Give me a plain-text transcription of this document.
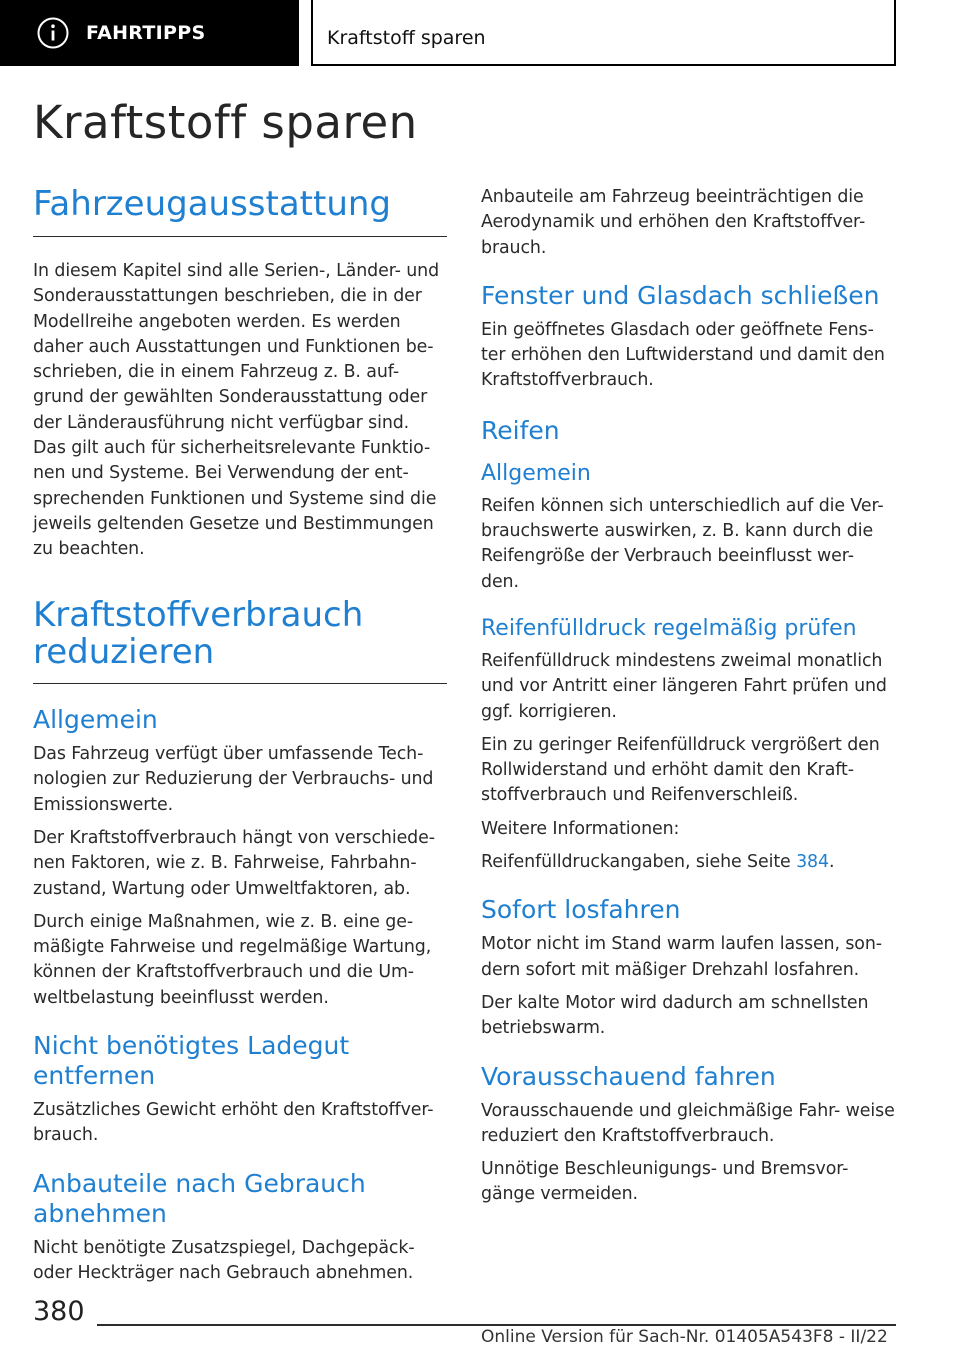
FAHRTIPPS	Kraftstoff sparen
Kraftstoff sparen
Fahrzeugausstattung

In diesem Kapitel sind alle Serien-, Länder- und Sonderausstattungen beschrieben, die in der Modellreihe angeboten werden. Es werden daher auch Ausstattungen und Funktionen be- schrieben, die in einem Fahrzeug z. B. auf- grund der gewählten Sonderausstattung oder der Länderausführung nicht verfügbar sind. Das gilt auch für sicherheitsrelevante Funktio- nen und Systeme. Bei Verwendung der ent- sprechenden Funktionen und Systeme sind die jeweils geltenden Gesetze und Bestimmungen zu beachten.

Kraftstoffverbrauch reduzieren
Allgemein

Das Fahrzeug verfügt über umfassende Tech- nologien zur Reduzierung der Verbrauchs- und Emissionswerte.

Der Kraftstoffverbrauch hängt von verschiede- nen Faktoren, wie z. B. Fahrweise, Fahrbahn- zustand, Wartung oder Umweltfaktoren, ab.

Durch einige Maßnahmen, wie z. B. eine ge- mäßigte Fahrweise und regelmäßige Wartung, können der Kraftstoffverbrauch und die Um- weltbelastung beeinflusst werden.

Nicht benötigtes Ladegut entfernen

Zusätzliches Gewicht erhöht den Kraftstoffver- brauch.

Anbauteile nach Gebrauch abnehmen

Nicht benötigte Zusatzspiegel, Dachgepäck- oder Heckträger nach Gebrauch abnehmen.

Anbauteile am Fahrzeug beeinträchtigen die Aerodynamik und erhöhen den Kraftstoffver- brauch.

Fenster und Glasdach schließen

Ein geöffnetes Glasdach oder geöffnete Fens- ter erhöhen den Luftwiderstand und damit den Kraftstoffverbrauch.

Reifen
Allgemein

Reifen können sich unterschiedlich auf die Ver- brauchswerte auswirken, z. B. kann durch die Reifengröße der Verbrauch beeinflusst wer- den.

Reifenfülldruck regelmäßig prüfen

Reifenfülldruck mindestens zweimal monatlich und vor Antritt einer längeren Fahrt prüfen und ggf. korrigieren.

Ein zu geringer Reifenfülldruck vergrößert den Rollwiderstand und erhöht damit den Kraft- stoffverbrauch und Reifenverschleiß.

Weitere Informationen:

Reifenfülldruckangaben, siehe Seite 384.

Sofort losfahren

Motor nicht im Stand warm laufen lassen, son- dern sofort mit mäßiger Drehzahl losfahren.

Der kalte Motor wird dadurch am schnellsten betriebswarm.

Vorausschauend fahren

Vorausschauende und gleichmäßige Fahr- weise reduziert den Kraftstoffverbrauch.

Unnötige Beschleunigungs- und Bremsvor- gänge vermeiden.

380
Online Version für Sach-Nr. 01405A543F8 - II/22
